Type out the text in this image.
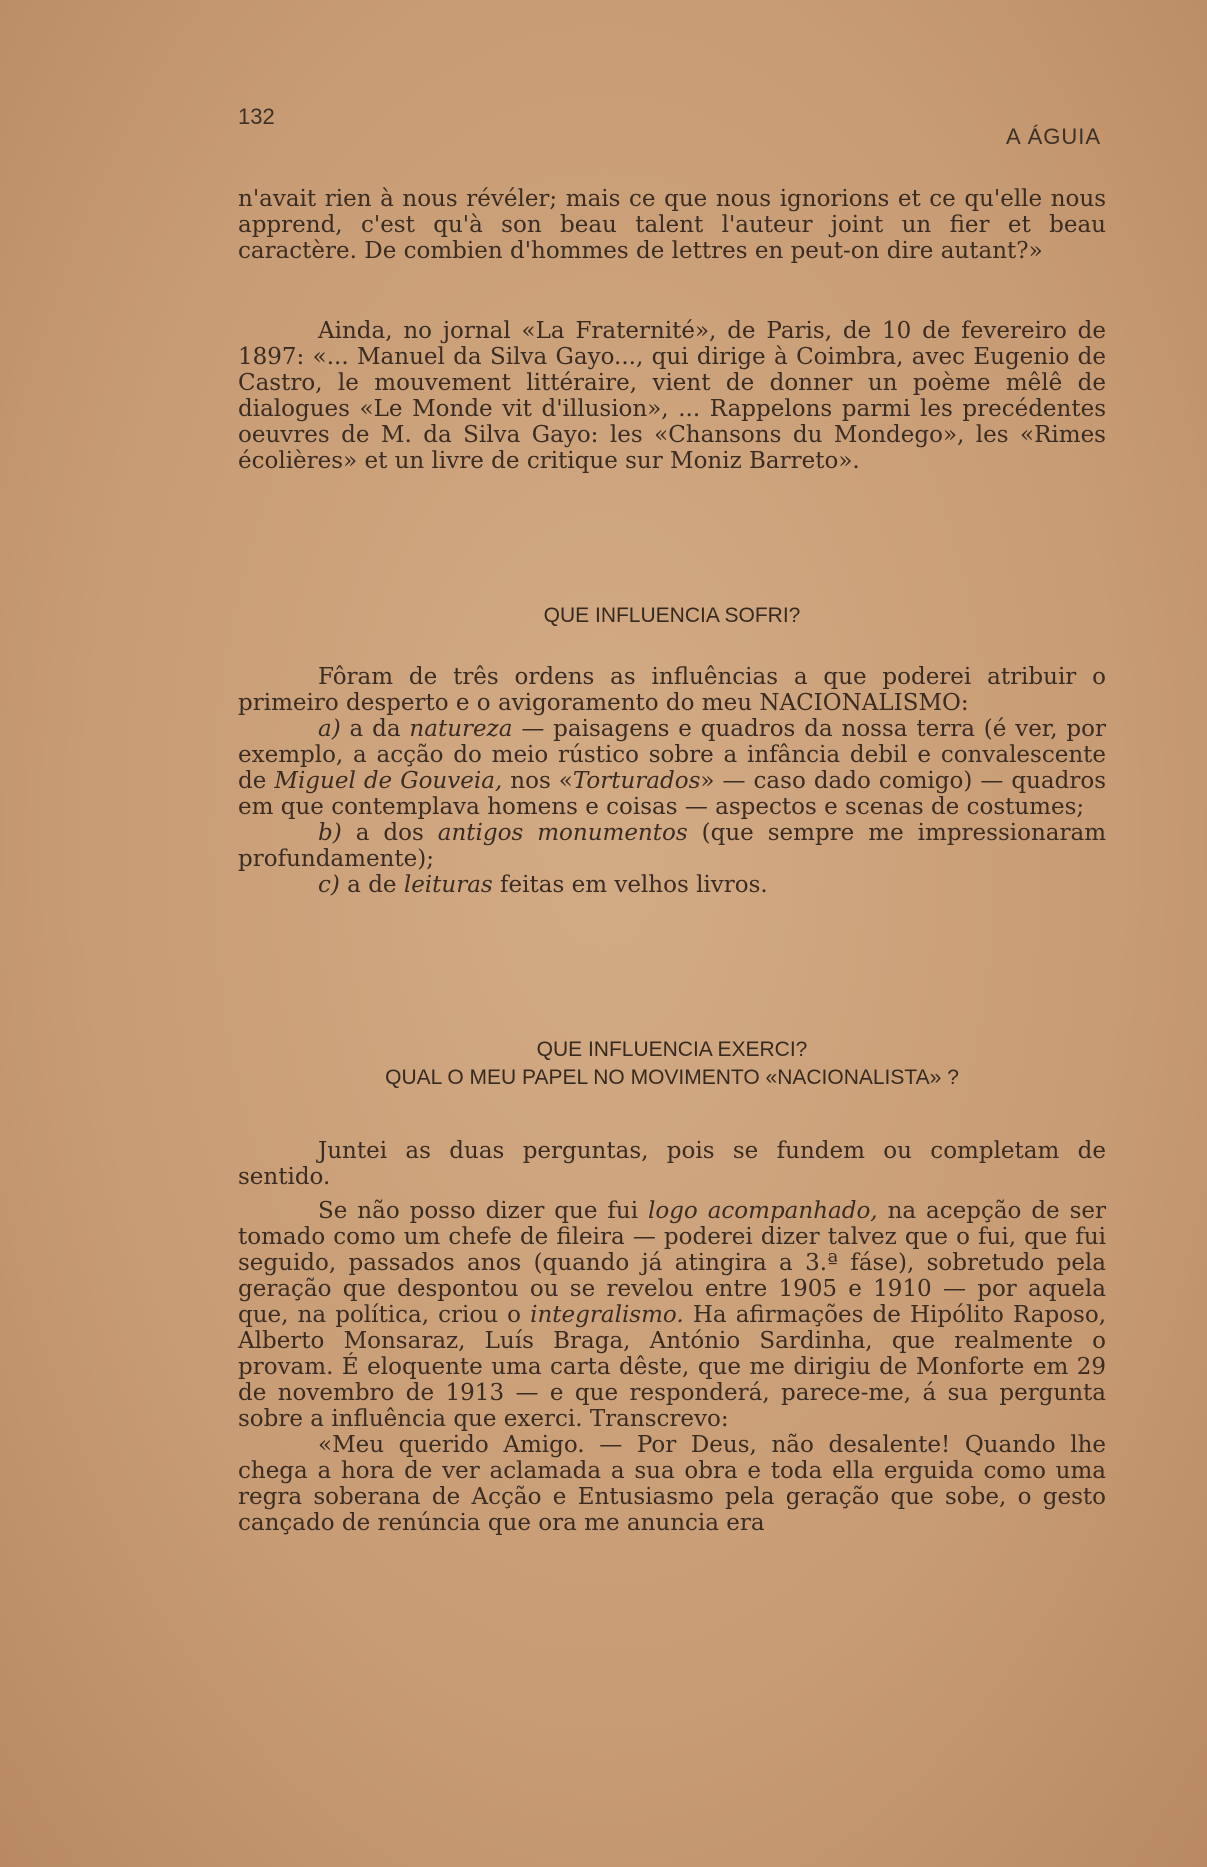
132
A ÁGUIA

n'avait rien à nous révéler; mais ce que nous ignorions et ce qu'elle nous apprend, c'est qu'à son beau talent l'auteur joint un fier et beau caractère. De combien d'hommes de lettres en peut-on dire autant?»

Ainda, no jornal «La Fraternité», de Paris, de 10 de fevereiro de 1897: «... Manuel da Silva Gayo..., qui dirige à Coimbra, avec Eugenio de Castro, le mouvement littéraire, vient de donner un poème mêlê de dialogues «Le Monde vit d'illusion», ... Rappelons parmi les precédentes oeuvres de M. da Silva Gayo: les «Chansons du Mondego», les «Rimes écolières» et un livre de critique sur Moniz Barreto».

QUE INFLUENCIA SOFRI?

Fôram de três ordens as influências a que poderei atribuir o primeiro desperto e o avigoramento do meu NACIONALISMO:

a) a da natureza — paisagens e quadros da nossa terra (é ver, por exemplo, a acção do meio rústico sobre a infância debil e convalescente de Miguel de Gouveia, nos «Torturados» — caso dado comigo) — quadros em que contemplava homens e coisas — aspectos e scenas de costumes;

b) a dos antigos monumentos (que sempre me impressionaram profundamente);

c) a de leituras feitas em velhos livros.

QUE INFLUENCIA EXERCI?
QUAL O MEU PAPEL NO MOVIMENTO «NACIONALISTA» ?

Juntei as duas perguntas, pois se fundem ou completam de sentido.

Se não posso dizer que fui logo acompanhado, na acepção de ser tomado como um chefe de fileira — poderei dizer talvez que o fui, que fui seguido, passados anos (quando já atingira a 3.ª fáse), sobretudo pela geração que despontou ou se revelou entre 1905 e 1910 — por aquela que, na política, criou o integralismo. Ha afirmações de Hipólito Raposo, Alberto Monsaraz, Luís Braga, António Sardinha, que realmente o provam. É eloquente uma carta dêste, que me dirigiu de Monforte em 29 de novembro de 1913 — e que responderá, parece-me, á sua pergunta sobre a influência que exerci. Transcrevo:

«Meu querido Amigo. — Por Deus, não desalente! Quando lhe chega a hora de ver aclamada a sua obra e toda ella erguida como uma regra soberana de Acção e Entusiasmo pela geração que sobe, o gesto cançado de renúncia que ora me anuncia era
